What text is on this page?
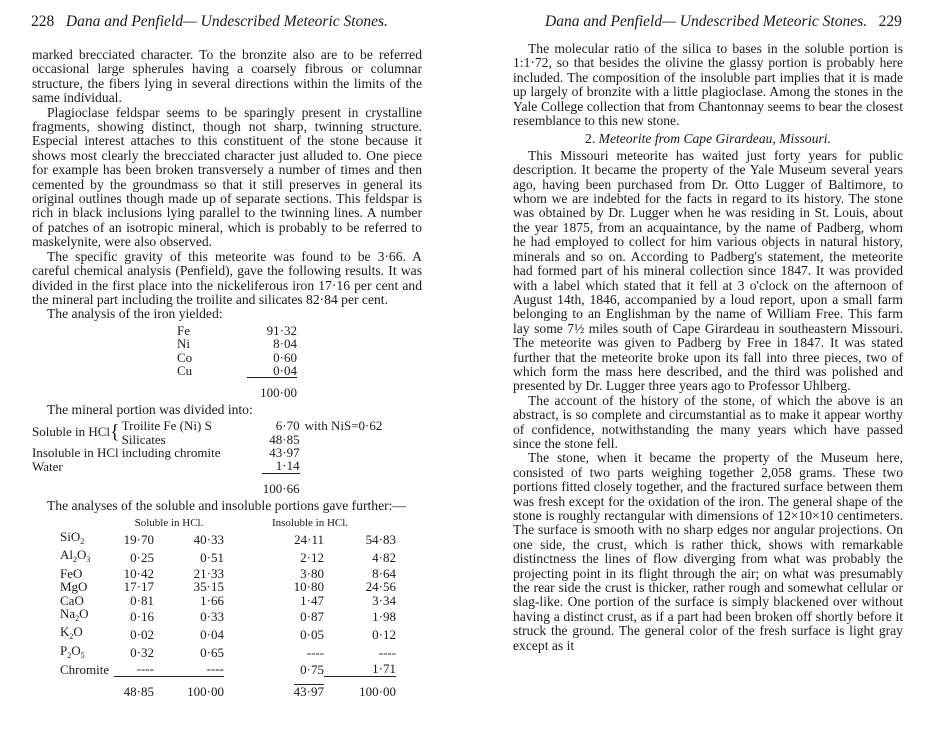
228 Dana and Penfield— Undescribed Meteoric Stones.

marked brecciated character. To the bronzite also are to be referred occasional large spherules having a coarsely fibrous or columnar structure, the fibers lying in several directions within the limits of the same individual.

Plagioclase feldspar seems to be sparingly present in crystalline fragments, showing distinct, though not sharp, twinning structure. Especial interest attaches to this constituent of the stone because it shows most clearly the brecciated character just alluded to. One piece for example has been broken transversely a number of times and then cemented by the groundmass so that it still preserves in general its original outlines though made up of separate sections. This feldspar is rich in black inclusions lying parallel to the twinning lines. A number of patches of an isotropic mineral, which is probably to be referred to maskelynite, were also observed.

The specific gravity of this meteorite was found to be 3·66. A careful chemical analysis (Penfield), gave the following results. It was divided in the first place into the nickeliferous iron 17·16 per cent and the mineral part including the troilite and silicates 82·84 per cent.

The analysis of the iron yielded:

Fe	91·32
Ni	8·04
Co	0·60
Cu	0·04
	100·00

The mineral portion was divided into:

Soluble in HCl{	Troilite Fe (Ni) S	6·70	with NiS=0·62
	Silicates	48·85	
Insoluble in HCl including chromite		43·97	
Water		1·14	
		100·66	

The analyses of the soluble and insoluble portions gave further:—

	Soluble in HCl.		Insoluble in HCl.	
SiO$_2$	19·70	40·33	24·11	54·83
$Al_2O_3$	0·25	0·51	2·12	4·82
FeO	10·42	21·33	3·80	8·64
MgO	17·17	35·15	10·80	24·56
CaO	0·81	1·66	1·47	3·34
$Na_2O$	0·16	0·33	0·87	1·98
$K_2O$	0·02	0·04	0·05	0·12
$P_2O_5$	0·32	0·65	----	----
Chromite	----	----	0·75	1·71
	48·85	100·00	43·97	100·00
Dana and Penfield— Undescribed Meteoric Stones. 229

The molecular ratio of the silica to bases in the soluble portion is 1:1·72, so that besides the olivine the glassy portion is probably here included. The composition of the insoluble part implies that it is made up largely of bronzite with a little plagioclase. Among the stones in the Yale College collection that from Chantonnay seems to bear the closest resemblance to this new stone.

2. Meteorite from Cape Girardeau, Missouri.

This Missouri meteorite has waited just forty years for public description. It became the property of the Yale Museum several years ago, having been purchased from Dr. Otto Lugger of Baltimore, to whom we are indebted for the facts in regard to its history. The stone was obtained by Dr. Lugger when he was residing in St. Louis, about the year 1875, from an acquaintance, by the name of Padberg, whom he had employed to collect for him various objects in natural history, minerals and so on. According to Padberg's statement, the meteorite had formed part of his mineral collection since 1847. It was provided with a label which stated that it fell at 3 o'clock on the afternoon of August 14th, 1846, accompanied by a loud report, upon a small farm belonging to an Englishman by the name of William Free. This farm lay some 7½ miles south of Cape Girardeau in southeastern Missouri. The meteorite was given to Padberg by Free in 1847. It was stated further that the meteorite broke upon its fall into three pieces, two of which form the mass here described, and the third was polished and presented by Dr. Lugger three years ago to Professor Uhlberg.

The account of the history of the stone, of which the above is an abstract, is so complete and circumstantial as to make it appear worthy of confidence, notwithstanding the many years which have passed since the stone fell.

The stone, when it became the property of the Museum here, consisted of two parts weighing together 2,058 grams. These two portions fitted closely together, and the fractured surface between them was fresh except for the oxidation of the iron. The general shape of the stone is roughly rectangular with dimensions of 12×10×10 centimeters. The surface is smooth with no sharp edges nor angular projections. On one side, the crust, which is rather thick, shows with remarkable distinctness the lines of flow diverging from what was probably the projecting point in its flight through the air; on what was presumably the rear side the crust is thicker, rather rough and somewhat cellular or slag-like. One portion of the surface is simply blackened over without having a distinct crust, as if a part had been broken off shortly before it struck the ground. The general color of the fresh surface is light gray except as it
